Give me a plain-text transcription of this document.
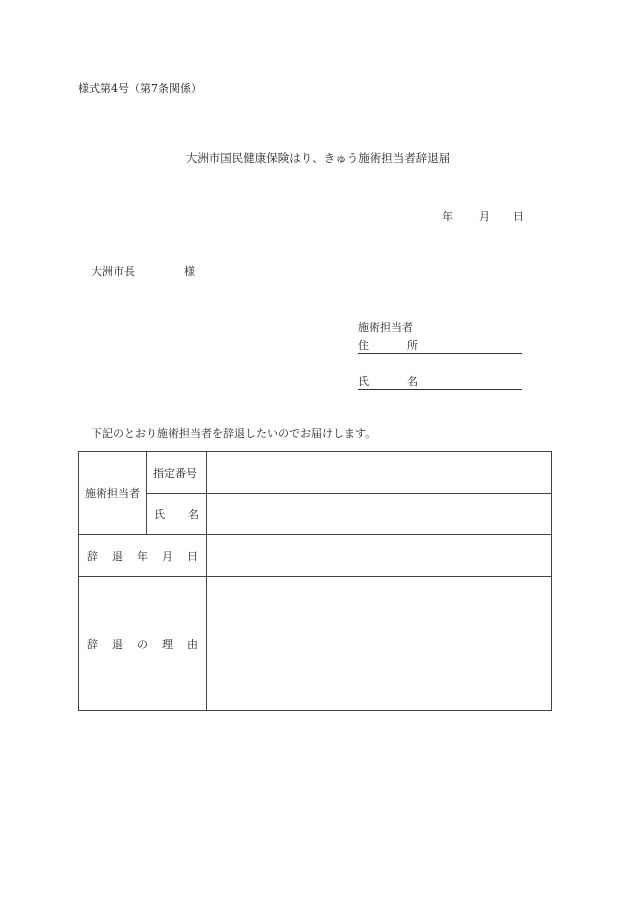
様式第4号（第7条関係）
大洲市国民健康保険はり、きゅう施術担当者辞退届
年 月 日
大洲市長	様
施術担当者
住	所
氏	名
下記のとおり施術担当者を辞退したいのでお届けします。
施術担当者	指定番号	

	氏 名	

辞 退 年 月 日		

辞 退 の 理 由		
